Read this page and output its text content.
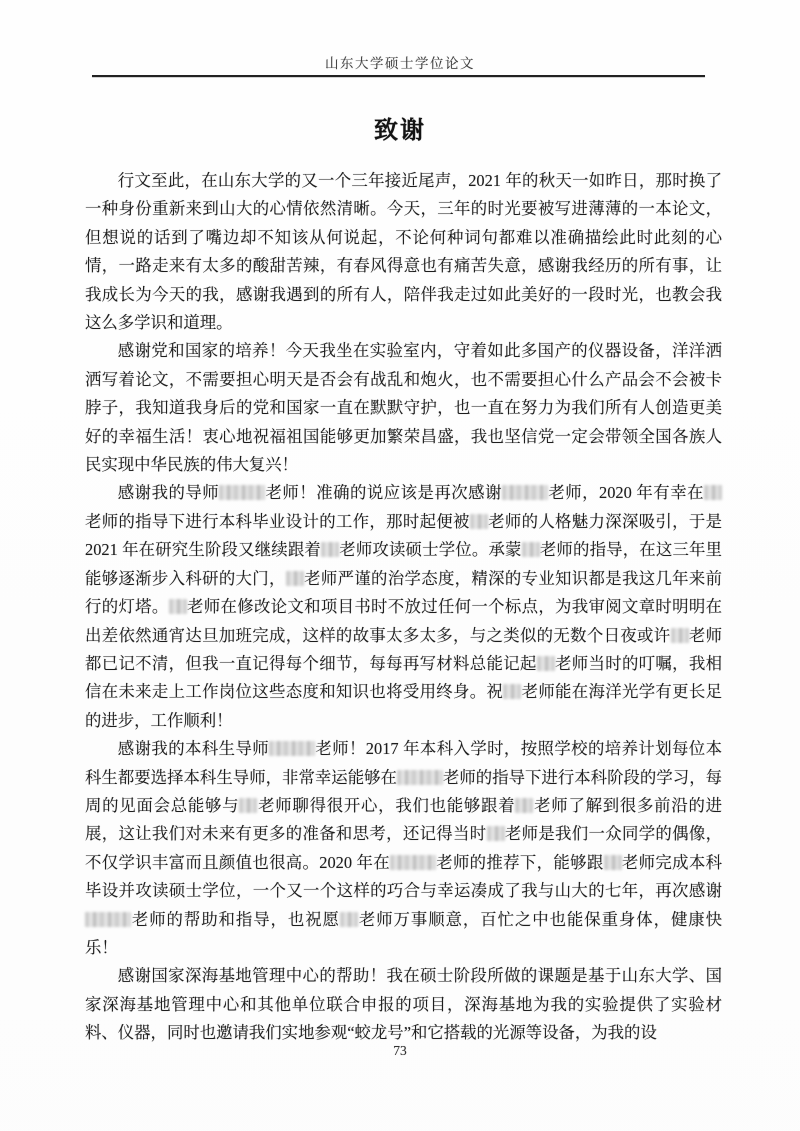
山东大学硕士学位论文
致谢

行文至此，在山东大学的又一个三年接近尾声，2021 年的秋天一如昨日，那时换了一种身份重新来到山大的心情依然清晰。今天，三年的时光要被写进薄薄的一本论文，但想说的话到了嘴边却不知该从何说起，不论何种词句都难以准确描绘此时此刻的心情，一路走来有太多的酸甜苦辣，有春风得意也有痛苦失意，感谢我经历的所有事，让我成长为今天的我，感谢我遇到的所有人，陪伴我走过如此美好的一段时光，也教会我这么多学识和道理。

感谢党和国家的培养！今天我坐在实验室内，守着如此多国产的仪器设备，洋洋洒洒写着论文，不需要担心明天是否会有战乱和炮火，也不需要担心什么产品会不会被卡脖子，我知道我身后的党和国家一直在默默守护，也一直在努力为我们所有人创造更美好的幸福生活！衷心地祝福祖国能够更加繁荣昌盛，我也坚信党一定会带领全国各族人民实现中华民族的伟大复兴！

感谢我的导师	老师！准确的说应该是再次感谢	老师，2020 年有幸在老师的指导下进行本科毕业设计的工作，那时起便被 老师的人格魅力深深吸引，于是 2021 年在研究生阶段又继续跟着 老师攻读硕士学位。承蒙 老师的指导，在这三年里能够逐渐步入科研的大门， 老师严谨的治学态度，精深的专业知识都是我这几年来前行的灯塔。 老师在修改论文和项目书时不放过任何一个标点，为我审阅文章时明明在出差依然通宵达旦加班完成，这样的故事太多太多，与之类似的无数个日夜或许 老师都已记不清，但我一直记得每个细节，每每再写材料总能记起 老师当时的叮嘱，我相信在未来走上工作岗位这些态度和知识也将受用终身。祝 老师能在海洋光学有更长足的进步，工作顺利！

感谢我的本科生导师	老师！2017 年本科入学时，按照学校的培养计划每位本科生都要选择本科生导师，非常幸运能够在	老师的指导下进行本科阶段的学习，每周的见面会总能够与 老师聊得很开心，我们也能够跟着 老师了解到很多前沿的进展，这让我们对未来有更多的准备和思考，还记得当时 老师是我们一众同学的偶像，不仅学识丰富而且颜值也很高。2020 年在	老师的推荐下，能够跟 老师完成本科毕设并攻读硕士学位，一个又一个这样的巧合与幸运凑成了我与山大的七年，再次感谢老师的帮助和指导，也祝愿 老师万事顺意，百忙之中也能保重身体，健康快乐！

感谢国家深海基地管理中心的帮助！我在硕士阶段所做的课题是基于山东大学、国家深海基地管理中心和其他单位联合申报的项目，深海基地为我的实验提供了实验材料、仪器，同时也邀请我们实地参观“蛟龙号”和它搭载的光源等设备，为我的设

73
